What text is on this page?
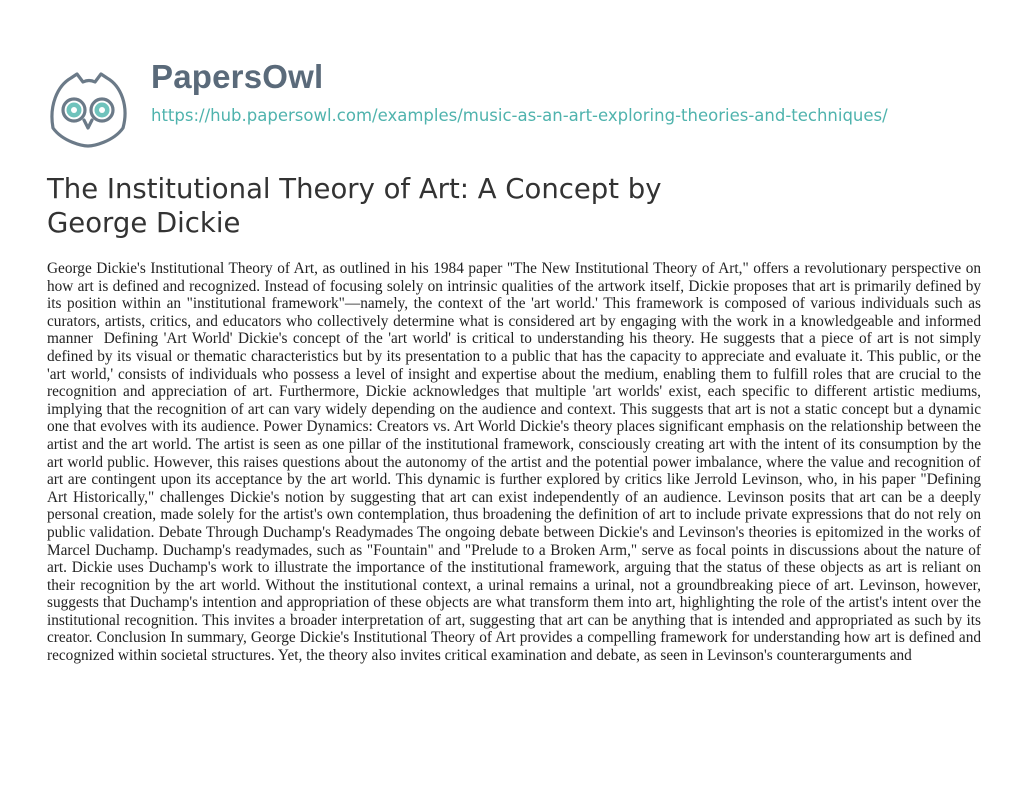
PapersOwl
https://hub.papersowl.com/examples/music-as-an-art-exploring-theories-and-techniques/
The Institutional Theory of Art: A Concept by George Dickie

George Dickie's Institutional Theory of Art, as outlined in his 1984 paper "The New Institutional Theory of Art," offers a revolutionary perspective on how art is defined and recognized. Instead of focusing solely on intrinsic qualities of the artwork itself, Dickie proposes that art is primarily defined by its position within an "institutional framework"—namely, the context of the 'art world.' This framework is composed of various individuals such as curators, artists, critics, and educators who collectively determine what is considered art by engaging with the work in a knowledgeable and informed manner  Defining 'Art World' Dickie's concept of the 'art world' is critical to understanding his theory. He suggests that a piece of art is not simply defined by its visual or thematic characteristics but by its presentation to a public that has the capacity to appreciate and evaluate it. This public, or the 'art world,' consists of individuals who possess a level of insight and expertise about the medium, enabling them to fulfill roles that are crucial to the recognition and appreciation of art. Furthermore, Dickie acknowledges that multiple 'art worlds' exist, each specific to different artistic mediums, implying that the recognition of art can vary widely depending on the audience and context. This suggests that art is not a static concept but a dynamic one that evolves with its audience. Power Dynamics: Creators vs. Art World Dickie's theory places significant emphasis on the relationship between the artist and the art world. The artist is seen as one pillar of the institutional framework, consciously creating art with the intent of its consumption by the art world public. However, this raises questions about the autonomy of the artist and the potential power imbalance, where the value and recognition of art are contingent upon its acceptance by the art world. This dynamic is further explored by critics like Jerrold Levinson, who, in his paper "Defining Art Historically," challenges Dickie's notion by suggesting that art can exist independently of an audience. Levinson posits that art can be a deeply personal creation, made solely for the artist's own contemplation, thus broadening the definition of art to include private expressions that do not rely on public validation. Debate Through Duchamp's Readymades The ongoing debate between Dickie's and Levinson's theories is epitomized in the works of Marcel Duchamp. Duchamp's readymades, such as "Fountain" and "Prelude to a Broken Arm," serve as focal points in discussions about the nature of art. Dickie uses Duchamp's work to illustrate the importance of the institutional framework, arguing that the status of these objects as art is reliant on their recognition by the art world. Without the institutional context, a urinal remains a urinal, not a groundbreaking piece of art. Levinson, however, suggests that Duchamp's intention and appropriation of these objects are what transform them into art, highlighting the role of the artist's intent over the institutional recognition. This invites a broader interpretation of art, suggesting that art can be anything that is intended and appropriated as such by its creator. Conclusion In summary, George Dickie's Institutional Theory of Art provides a compelling framework for understanding how art is defined and recognized within societal structures. Yet, the theory also invites critical examination and debate, as seen in Levinson's counterarguments and
